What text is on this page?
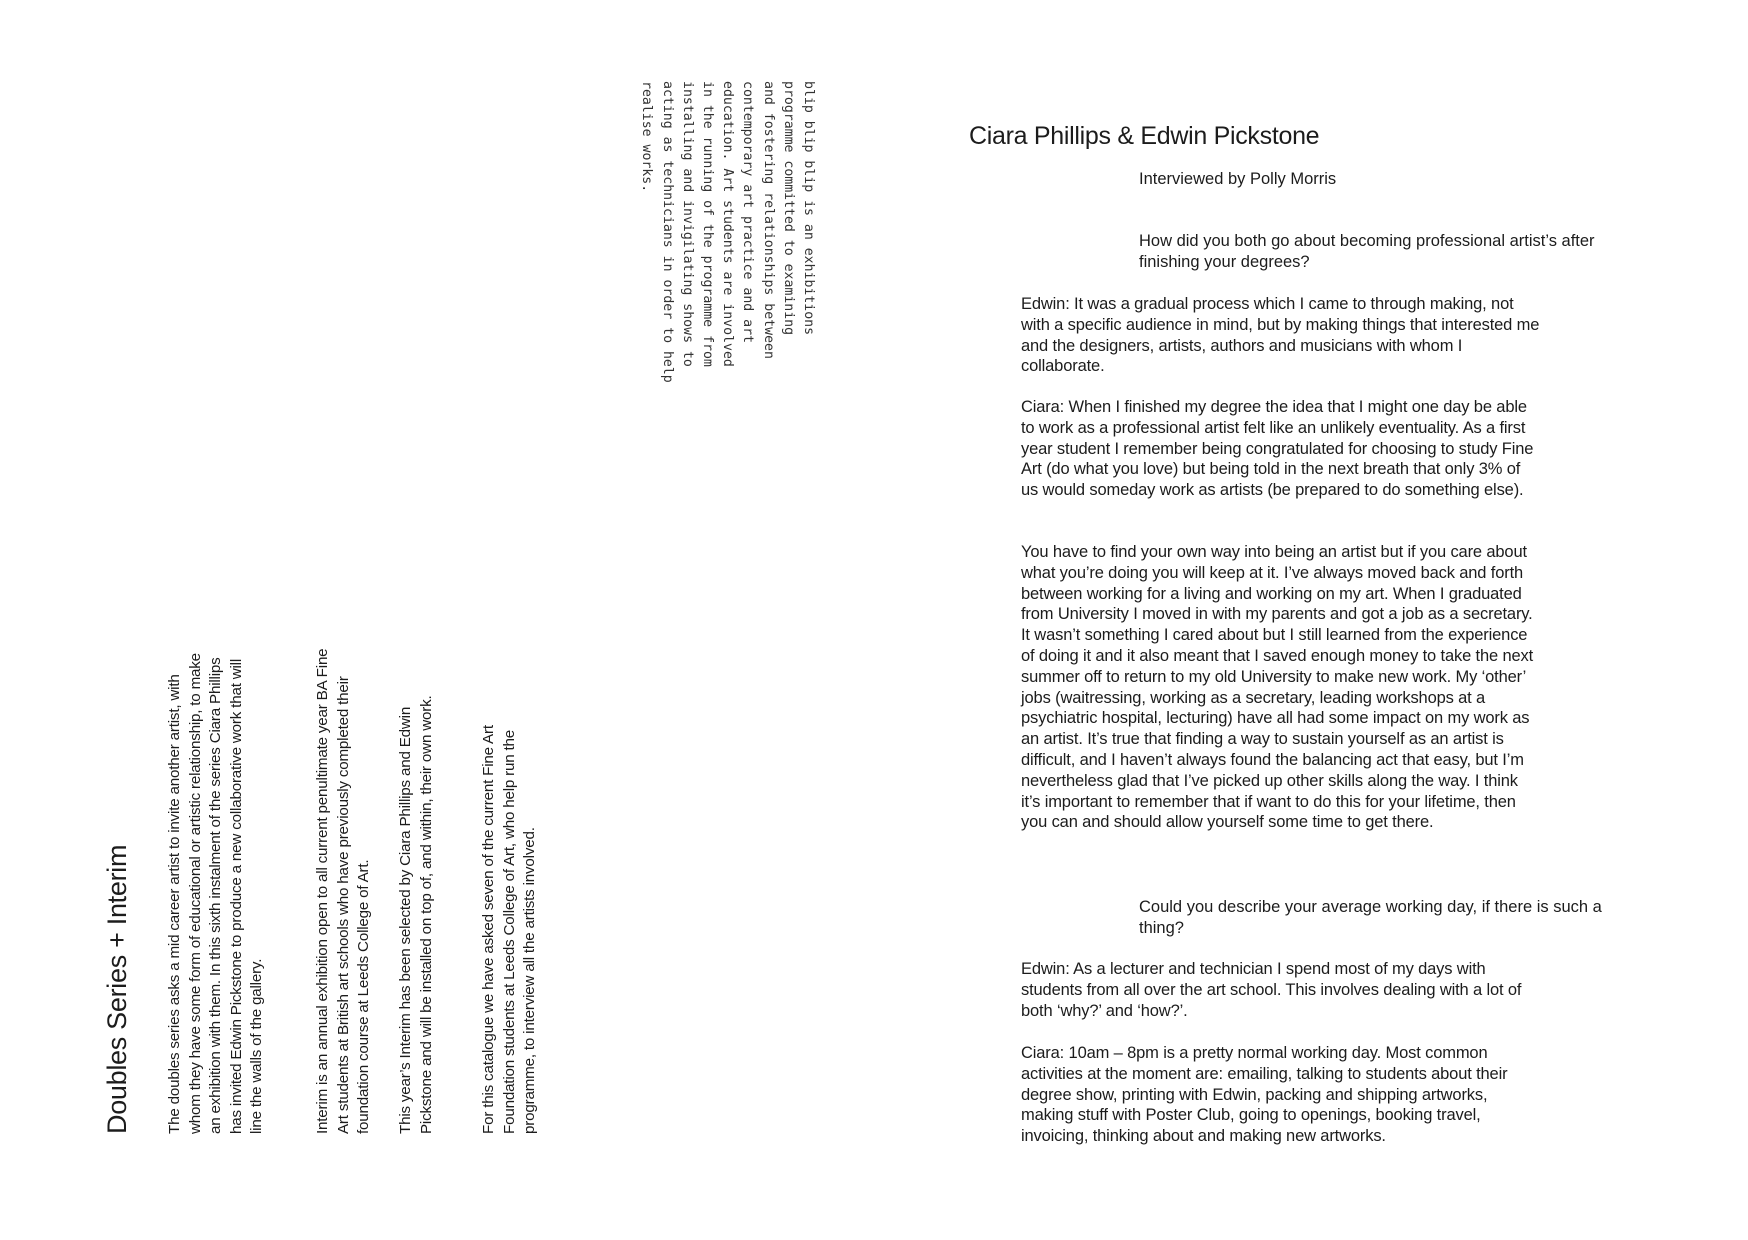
Doubles Series + Interim The doubles series asks a mid career artist to invite another artist, with whom they have some form of educational or artistic relationship, to make an exhibition with them. In this sixth instalment of the series Ciara Phillips has invited Edwin Pickstone to produce a new collaborative work that will line the walls of the gallery.	Interim is an annual exhibition open to all current penultimate year BA Fine Art students at British art schools who have previously completed their foundation course at Leeds College of Art. This year’s Interim has been selected by Ciara Phillips and Edwin Pickstone and will be installed on top of, and within, their own work.	For this catalogue we have asked seven of the current Fine Art Foundation students at Leeds College of Art, who help run the programme, to interview all the artists involved.

blip blip blip is an exhibitions
programme committed to examining
and fostering relationships between
contemporary art practice and art
education. Art students are involved
in the running of the programme from
installing and invigilating shows to
acting as technicians in order to help
realise works.	Ciara Phillips & Edwin Pickstone
Interviewed by Polly Morris

How did you both go about becoming professional artist’s after finishing your degrees?

Edwin: It was a gradual process which I came to through making, not with a specific audience in mind, but by making things that interested me and the designers, artists, authors and musicians with whom I collaborate.

Ciara: When I finished my degree the idea that I might one day be able to work as a professional artist felt like an unlikely eventuality. As a first year student I remember being congratulated for choosing to study Fine Art (do what you love) but being told in the next breath that only 3% of us would someday work as artists (be prepared to do something else).

You have to find your own way into being an artist but if you care about what you’re doing you will keep at it. I’ve always moved back and forth between working for a living and working on my art. When I graduated from University I moved in with my parents and got a job as a secretary. It wasn’t something I cared about but I still learned from the experience of doing it and it also meant that I saved enough money to take the next summer off to return to my old University to make new work. My ‘other’ jobs (waitressing, working as a secretary, leading workshops at a psychiatric hospital, lecturing) have all had some impact on my work as an artist. It’s true that finding a way to sustain yourself as an artist is difficult, and I haven’t always found the balancing act that easy, but I’m nevertheless glad that I’ve picked up other skills along the way. I think it’s important to remember that if want to do this for your lifetime, then you can and should allow yourself some time to get there.

Could you describe your average working day, if there is such a thing?

Edwin: As a lecturer and technician I spend most of my days with students from all over the art school. This involves dealing with a lot of both ‘why?’ and ‘how?’.

Ciara: 10am – 8pm is a pretty normal working day. Most common activities at the moment are: emailing, talking to students about their degree show, printing with Edwin, packing and shipping artworks, making stuff with Poster Club, going to openings, booking travel, invoicing, thinking about and making new artworks.
